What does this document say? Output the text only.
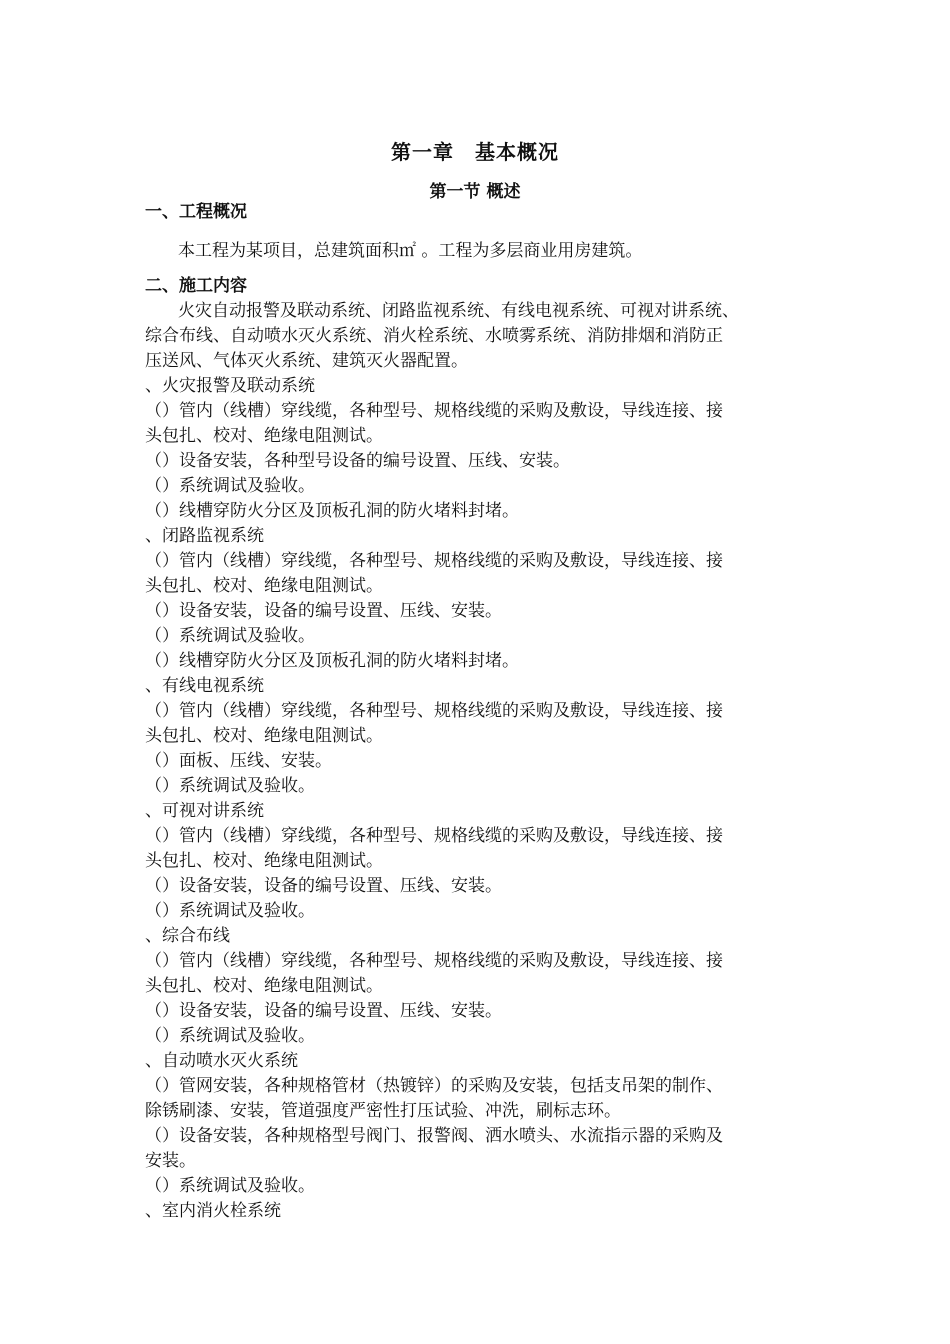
第一章　基本概况
第一节 概述
一、工程概况
本工程为某项目，总建筑面积㎡ 。工程为多层商业用房建筑。
二、施工内容
火灾自动报警及联动系统、闭路监视系统、有线电视系统、可视对讲系统、
综合布线、自动喷水灭火系统、消火栓系统、水喷雾系统、消防排烟和消防正
压送风、气体灭火系统、建筑灭火器配置。
、火灾报警及联动系统
（）管内（线槽）穿线缆，各种型号、规格线缆的采购及敷设，导线连接、接
头包扎、校对、绝缘电阻测试。
（）设备安装，各种型号设备的编号设置、压线、安装。
（）系统调试及验收。
（）线槽穿防火分区及顶板孔洞的防火堵料封堵。
、闭路监视系统
（）管内（线槽）穿线缆，各种型号、规格线缆的采购及敷设，导线连接、接
头包扎、校对、绝缘电阻测试。
（）设备安装，设备的编号设置、压线、安装。
（）系统调试及验收。
（）线槽穿防火分区及顶板孔洞的防火堵料封堵。
、有线电视系统
（）管内（线槽）穿线缆，各种型号、规格线缆的采购及敷设，导线连接、接
头包扎、校对、绝缘电阻测试。
（）面板、压线、安装。
（）系统调试及验收。
、可视对讲系统
（）管内（线槽）穿线缆，各种型号、规格线缆的采购及敷设，导线连接、接
头包扎、校对、绝缘电阻测试。
（）设备安装，设备的编号设置、压线、安装。
（）系统调试及验收。
、综合布线
（）管内（线槽）穿线缆，各种型号、规格线缆的采购及敷设，导线连接、接
头包扎、校对、绝缘电阻测试。
（）设备安装，设备的编号设置、压线、安装。
（）系统调试及验收。
、自动喷水灭火系统
（）管网安装，各种规格管材（热镀锌）的采购及安装，包括支吊架的制作、
除锈刷漆、安装，管道强度严密性打压试验、冲洗，刷标志环。
（）设备安装，各种规格型号阀门、报警阀、洒水喷头、水流指示器的采购及
安装。
（）系统调试及验收。
、室内消火栓系统
